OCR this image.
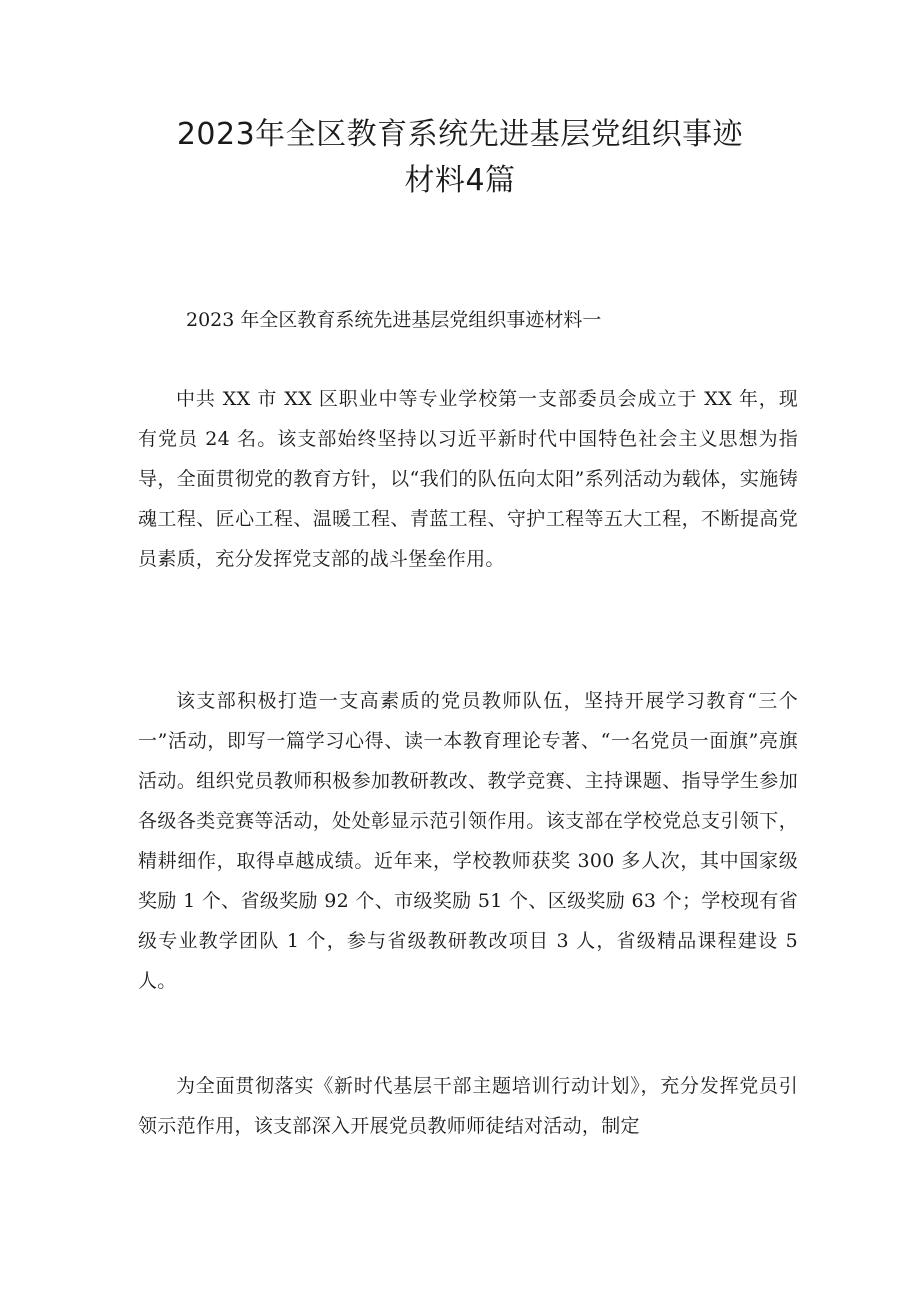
2023年全区教育系统先进基层党组织事迹
材料4篇

2023 年全区教育系统先进基层党组织事迹材料一

中共 XX 市 XX 区职业中等专业学校第一支部委员会成立于 XX 年，现有党员 24 名。该支部始终坚持以习近平新时代中国特色社会主义思想为指导，全面贯彻党的教育方针，以“我们的队伍向太阳”系列活动为载体，实施铸魂工程、匠心工程、温暖工程、青蓝工程、守护工程等五大工程，不断提高党员素质，充分发挥党支部的战斗堡垒作用。

该支部积极打造一支高素质的党员教师队伍，坚持开展学习教育“三个一”活动，即写一篇学习心得、读一本教育理论专著、“一名党员一面旗”亮旗活动。组织党员教师积极参加教研教改、教学竞赛、主持课题、指导学生参加各级各类竞赛等活动，处处彰显示范引领作用。该支部在学校党总支引领下，精耕细作，取得卓越成绩。近年来，学校教师获奖 300 多人次，其中国家级奖励 1 个、省级奖励 92 个、市级奖励 51 个、区级奖励 63 个；学校现有省级专业教学团队 1 个，参与省级教研教改项目 3 人，省级精品课程建设 5 人。

为全面贯彻落实《新时代基层干部主题培训行动计划》，充分发挥党员引领示范作用，该支部深入开展党员教师师徒结对活动，制定
